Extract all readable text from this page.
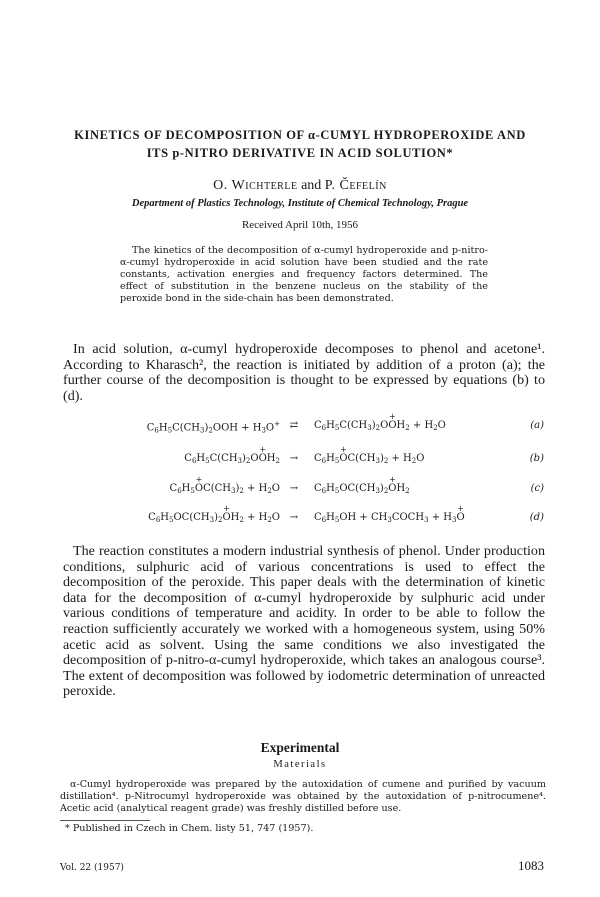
KINETICS OF DECOMPOSITION OF α-CUMYL HYDROPEROXIDE AND
ITS p-NITRO DERIVATIVE IN ACID SOLUTION*
O. Wichterle and P. Čefelín
Department of Plastics Technology, Institute of Chemical Technology, Prague
Received April 10th, 1956
The kinetics of the decomposition of α-cumyl hydroperoxide and p-nitro-α-cumyl hydroperoxide in acid solution have been studied and the rate constants, activation energies and frequency factors determined. The effect of substitution in the benzene nucleus on the stability of the peroxide bond in the side-chain has been demonstrated.

In acid solution, α-cumyl hydroperoxide decomposes to phenol and acetone¹. According to Kharasch², the reaction is initiated by addition of a proton (a); the further course of the decomposition is thought to be expressed by equations (b) to (d).

$C_6H_5C(CH_3)_2OOH + H_3O^+$ ⇄	$C_6H_5C(CH_3)_2O+ OH_2 + H_2O$	(a)
$C_6H_5C(CH_3)_2O+ OH_2$ →	$C_6H_5+ OC(CH_3)_2 + H_2O$	(b)
$C_6H_5+ OC(CH_3)_2 + H_2O$ →	$C_6H_5OC(CH_3)_2+ OH_2$	(c)
$C_6H_5OC(CH_3)_2+ OH_2 + H_2O$ →	$C_6H_5OH$ + $CH_3COCH_3 + H_3+ O$	(d)

The reaction constitutes a modern industrial synthesis of phenol. Under production conditions, sulphuric acid of various concentrations is used to effect the decomposition of the peroxide. This paper deals with the determination of kinetic data for the decomposition of α-cumyl hydroperoxide by sulphuric acid under various conditions of temperature and acidity. In order to be able to follow the reaction sufficiently accurately we worked with a homogeneous system, using 50% acetic acid as solvent. Using the same conditions we also investigated the decomposition of p-nitro-α-cumyl hydroperoxide, which takes an analogous course³. The extent of decomposition was followed by iodometric determination of unreacted peroxide.

Experimental
Materials
α-Cumyl hydroperoxide was prepared by the autoxidation of cumene and purified by vacuum distillation⁴. p-Nitrocumyl hydroperoxide was obtained by the autoxidation of p-nitrocumene⁴. Acetic acid (analytical reagent grade) was freshly distilled before use.
* Published in Czech in Chem. listy 51, 747 (1957).
Vol. 22 (1957)	1083
